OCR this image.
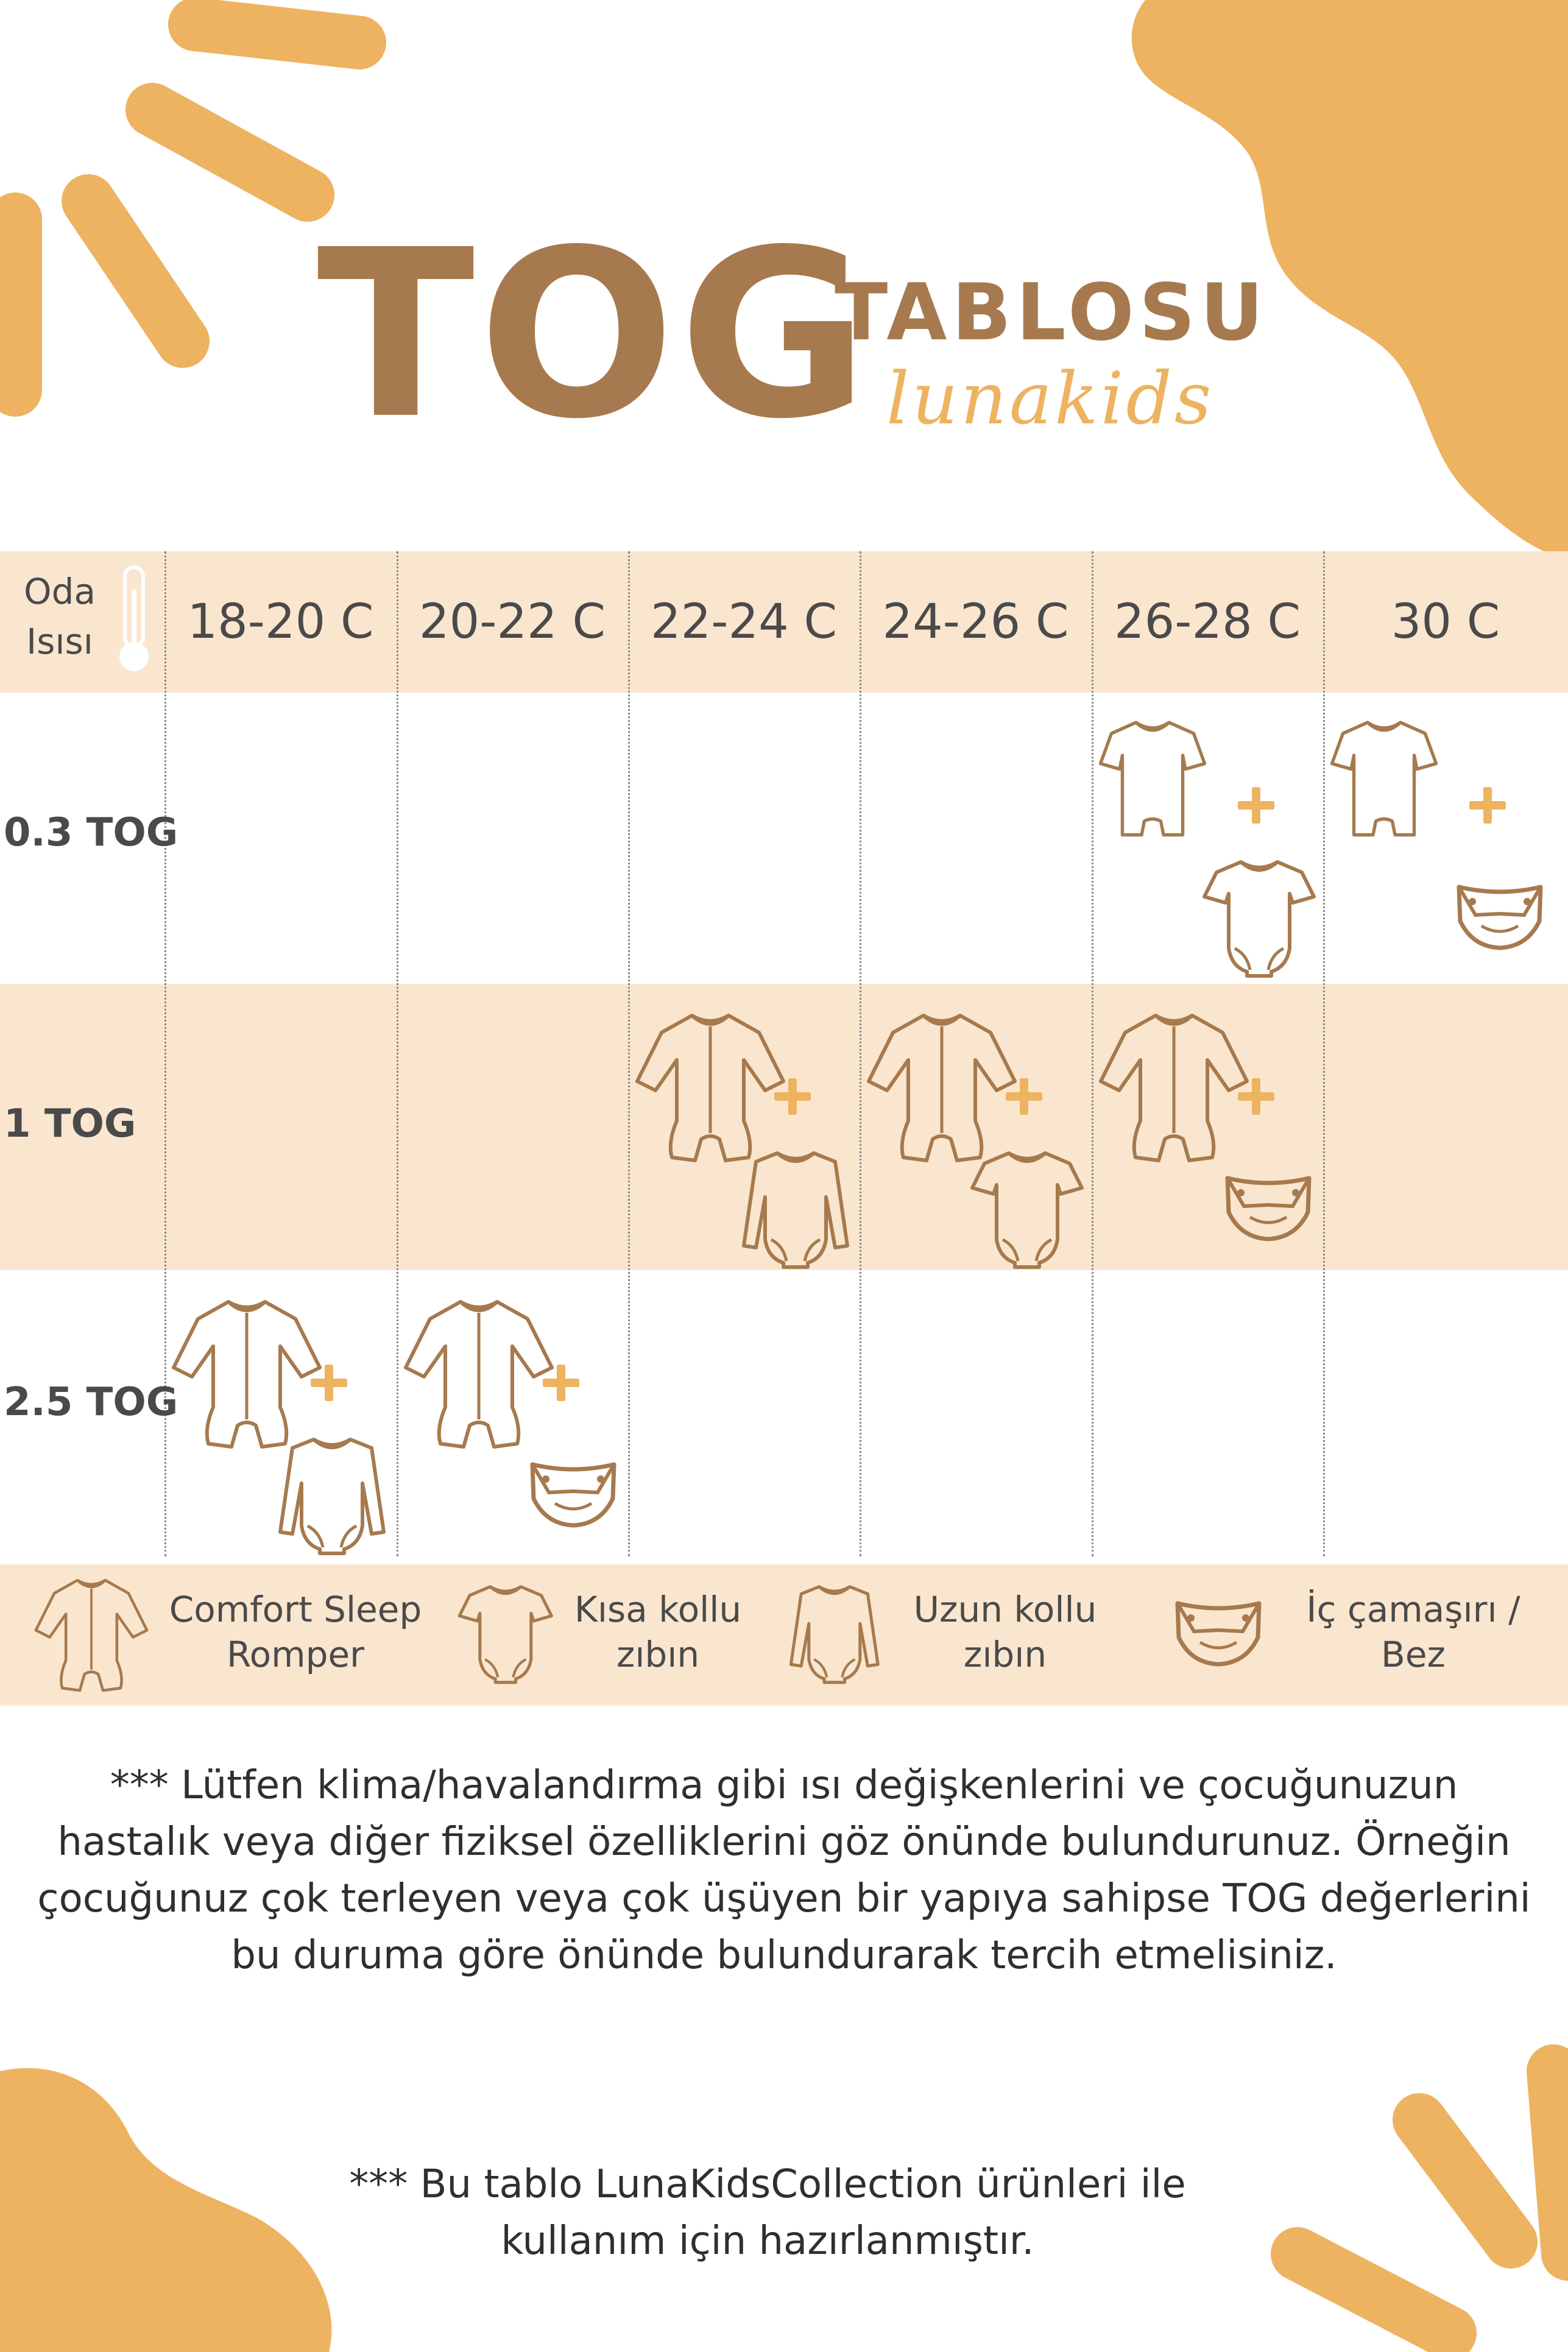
TOG
TABLOSU
lunakids
Oda Isısı	18-20 C 20-22 C 22-24 C 24-26 C 26-28 C	30 C
0.3 TOG
1 TOG
2.5 TOG
Comfort Sleep Romper
Kısa kollu zıbın
Uzun kollu zıbın
İç çamaşırı / Bez
*** Lütfen klima/havalandırma gibi ısı değişkenlerini ve çocuğunuzun hastalık veya diğer fiziksel özelliklerini göz önünde bulundurunuz. Örneğin çocuğunuz çok terleyen veya çok üşüyen bir yapıya sahipse TOG değerlerini bu duruma göre önünde bulundurarak tercih etmelisiniz.
*** Bu tablo LunaKidsCollection ürünleri ile kullanım için hazırlanmıştır.
